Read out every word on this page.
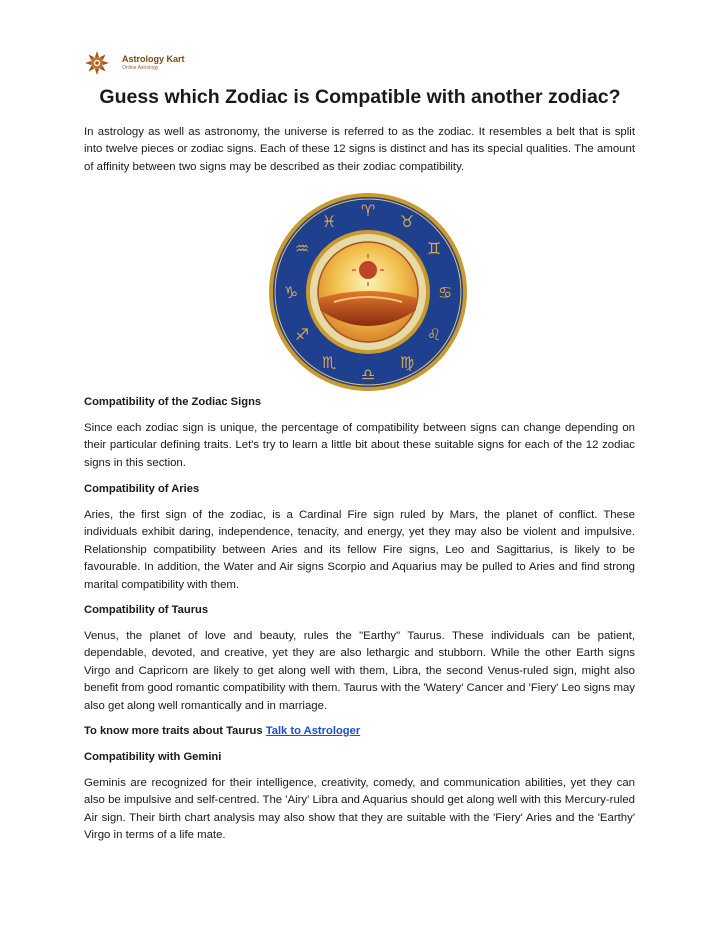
Astrology Kart
Online Astrology
Guess which Zodiac is Compatible with another zodiac?

In astrology as well as astronomy, the universe is referred to as the zodiac. It resembles a belt that is split into twelve pieces or zodiac signs. Each of these 12 signs is distinct and has its special qualities. The amount of affinity between two signs may be described as their zodiac compatibility.

♈
♉
♊
♋
♌
♍
♎
♏
♐
♑
♒
♓

Compatibility of the Zodiac Signs

Since each zodiac sign is unique, the percentage of compatibility between signs can change depending on their particular defining traits. Let's try to learn a little bit about these suitable signs for each of the 12 zodiac signs in this section.

Compatibility of Aries

Aries, the first sign of the zodiac, is a Cardinal Fire sign ruled by Mars, the planet of conflict. These individuals exhibit daring, independence, tenacity, and energy, yet they may also be violent and impulsive. Relationship compatibility between Aries and its fellow Fire signs, Leo and Sagittarius, is likely to be favourable. In addition, the Water and Air signs Scorpio and Aquarius may be pulled to Aries and find strong marital compatibility with them.

Compatibility of Taurus

Venus, the planet of love and beauty, rules the "Earthy" Taurus. These individuals can be patient, dependable, devoted, and creative, yet they are also lethargic and stubborn. While the other Earth signs Virgo and Capricorn are likely to get along well with them, Libra, the second Venus-ruled sign, might also benefit from good romantic compatibility with them. Taurus with the 'Watery' Cancer and 'Fiery' Leo signs may also get along well romantically and in marriage.

To know more traits about Taurus Talk to Astrologer

Compatibility with Gemini

Geminis are recognized for their intelligence, creativity, comedy, and communication abilities, yet they can also be impulsive and self-centred. The 'Airy' Libra and Aquarius should get along well with this Mercury-ruled Air sign. Their birth chart analysis may also show that they are suitable with the 'Fiery' Aries and the 'Earthy' Virgo in terms of a life mate.
